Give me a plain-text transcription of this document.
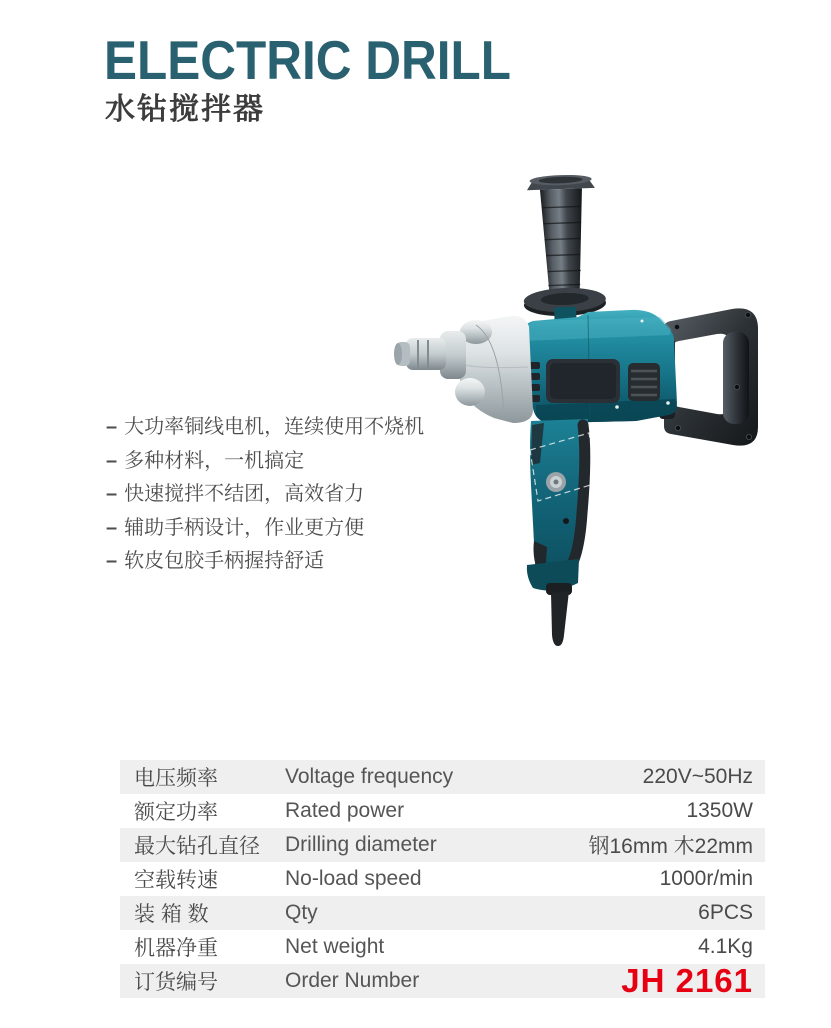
ELECTRIC DRILL
水钻搅拌器
– 大功率铜线电机，连续使用不烧机
– 多种材料，一机搞定
– 快速搅拌不结团，高效省力
– 辅助手柄设计，作业更方便
– 软皮包胶手柄握持舒适
电压频率	Voltage frequency	220V~50Hz
额定功率	Rated power	1350W
最大钻孔直径	Drilling diameter	钢16mm 木22mm
空载转速	No-load speed	1000r/min
装 箱 数	Qty	6PCS
机器净重	Net weight	4.1Kg
订货编号	Order Number	JH 2161
